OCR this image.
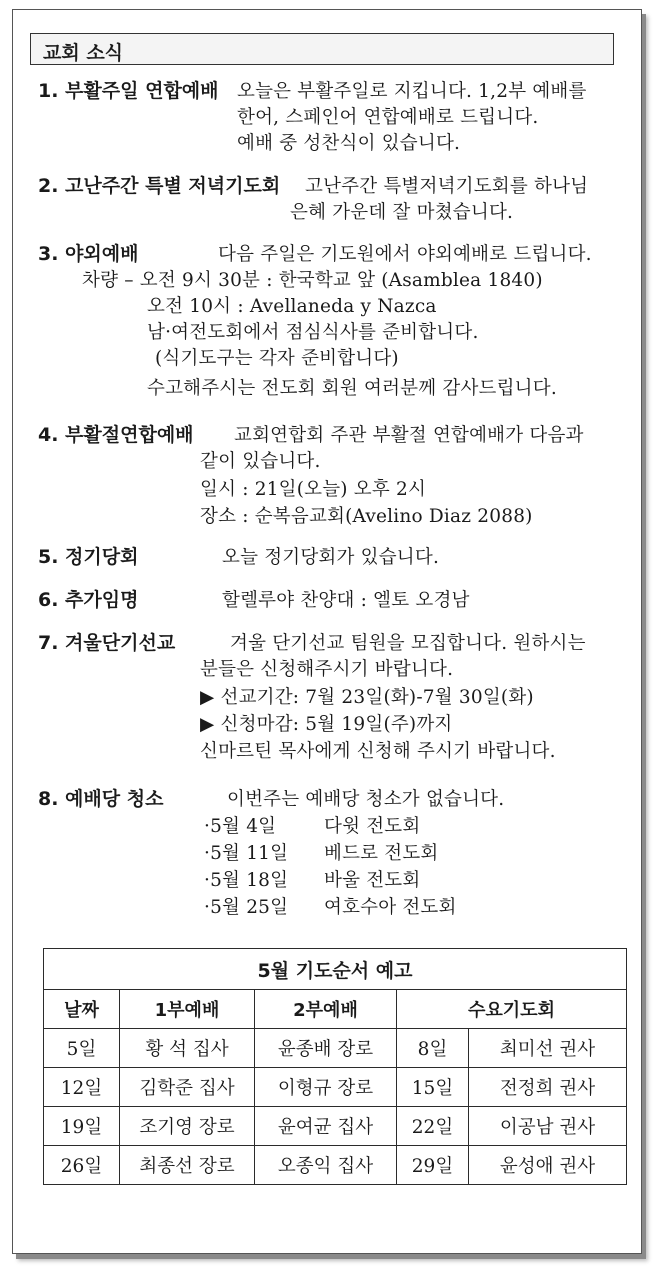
교회 소식
1. 부활주일 연합예배 오늘은 부활주일로 지킵니다. 1,2부 예배를
한어, 스페인어 연합예배로 드립니다.
예배 중 성찬식이 있습니다.
2. 고난주간 특별 저녁기도회 고난주간 특별저녁기도회를 하나님
은혜 가운데 잘 마쳤습니다.
3. 야외예배	다음 주일은 기도원에서 야외예배로 드립니다.
차량 – 오전 9시 30분 : 한국학교 앞 (Asamblea 1840)
오전 10시 : Avellaneda y Nazca
남·여전도회에서 점심식사를 준비합니다.
(식기도구는 각자 준비합니다)
수고해주시는 전도회 회원 여러분께 감사드립니다.
4. 부활절연합예배 교회연합회 주관 부활절 연합예배가 다음과
같이 있습니다.
일시 : 21일(오늘) 오후 2시
장소 : 순복음교회(Avelino Diaz 2088)
5. 정기당회	오늘 정기당회가 있습니다.
6. 추가임명	할렐루야 찬양대 : 엘토 오경남
7. 겨울단기선교	겨울 단기선교 팀원을 모집합니다. 원하시는
분들은 신청해주시기 바랍니다.
▶ 선교기간: 7월 23일(화)-7월 30일(화)
▶ 신청마감: 5월 19일(주)까지
신마르틴 목사에게 신청해 주시기 바랍니다.
8. 예배당 청소	이번주는 예배당 청소가 없습니다.
·5월 4일	다윗 전도회
·5월 11일 베드로 전도회
·5월 18일 바울 전도회
·5월 25일 여호수아 전도회
5월 기도순서 예고				
날짜	1부예배	2부예배	수요기도회	
5일	황 석 집사	윤종배 장로	8일	최미선 권사
12일	김학준 집사	이형규 장로	15일	전정희 권사
19일	조기영 장로	윤여균 집사	22일	이공남 권사
26일	최종선 장로	오종익 집사	29일	윤성애 권사
